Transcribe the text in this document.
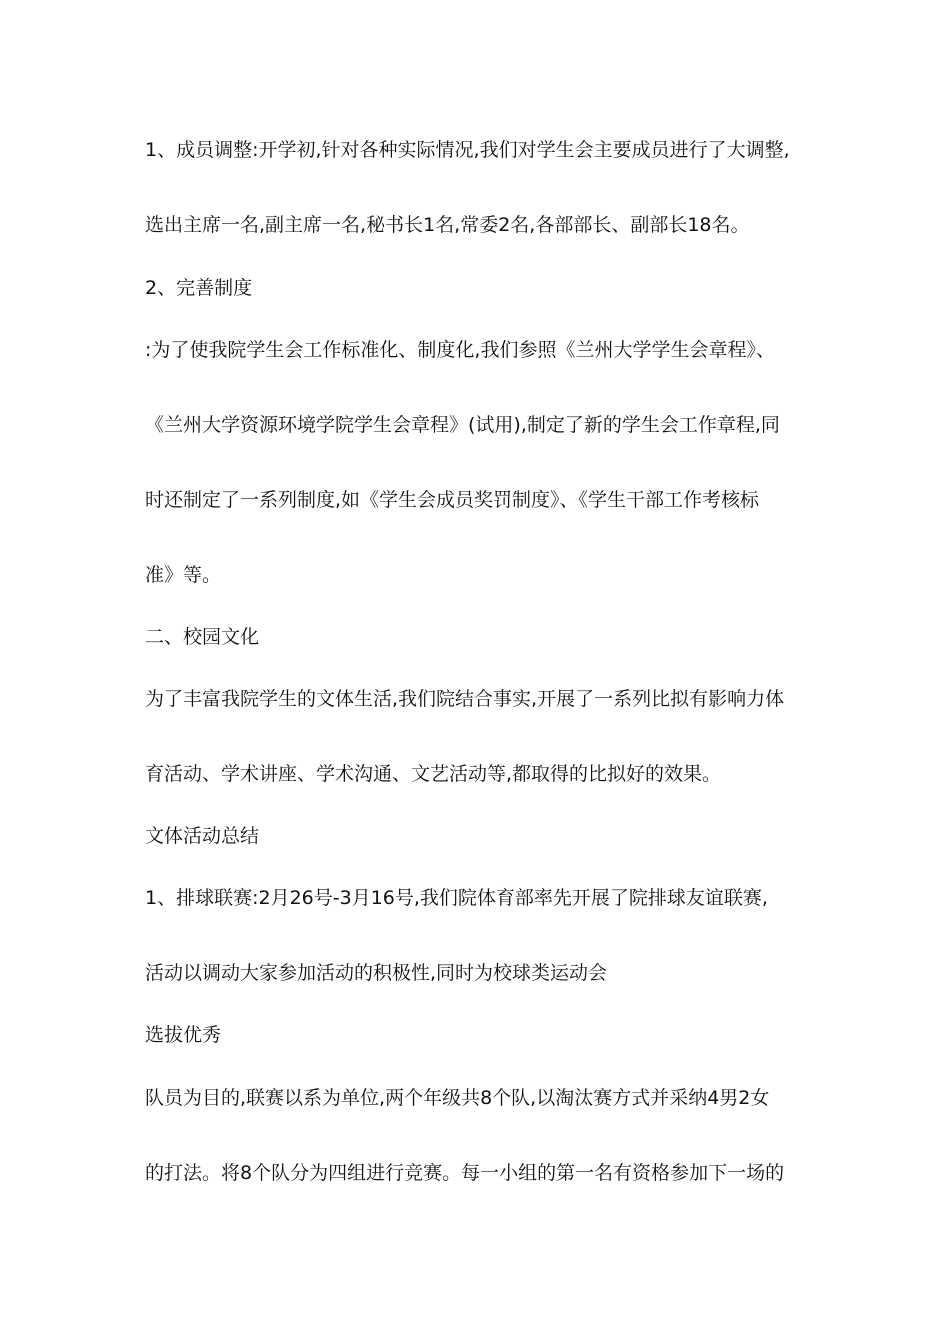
1、成员调整:开学初,针对各种实际情况,我们对学生会主要成员进行了大调整,

选出主席一名,副主席一名,秘书长1名,常委2名,各部部长、副部长18名。

2、完善制度

:为了使我院学生会工作标准化、制度化,我们参照《兰州大学学生会章程》、

《兰州大学资源环境学院学生会章程》(试用),制定了新的学生会工作章程,同

时还制定了一系列制度,如《学生会成员奖罚制度》、《学生干部工作考核标

准》等。

二、校园文化

为了丰富我院学生的文体生活,我们院结合事实,开展了一系列比拟有影响力体

育活动、学术讲座、学术沟通、文艺活动等,都取得的比拟好的效果。

文体活动总结

1、排球联赛:2月26号-3月16号,我们院体育部率先开展了院排球友谊联赛,

活动以调动大家参加活动的积极性,同时为校球类运动会

选拔优秀

队员为目的,联赛以系为单位,两个年级共8个队,以淘汰赛方式并采纳4男2女

的打法。将8个队分为四组进行竞赛。每一小组的第一名有资格参加下一场的
